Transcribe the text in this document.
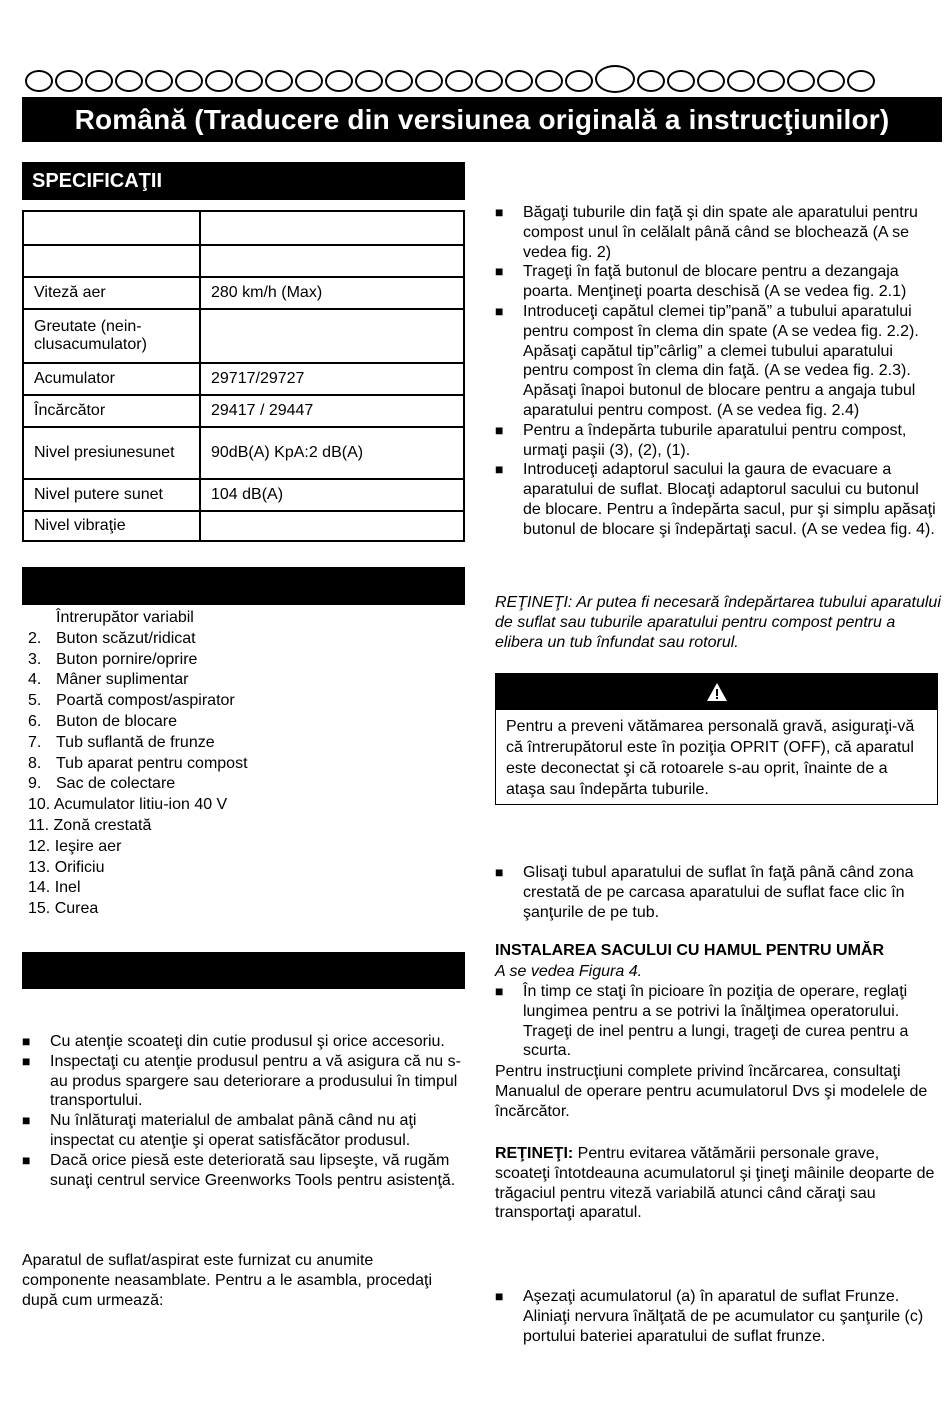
Română (Traducere din versiunea originală a instrucţiunilor)
SPECIFICAŢII

Viteză aer	280 km/h (Max)
Greutate (nein-clusacumulator)	
Acumulator	29717/29727
Încărcător	29417 / 29447
Nivel presiunesunet	90dB(A) KpA:2 dB(A)
Nivel putere sunet	104 dB(A)
Nivel vibraţie	
Întrerupător variabil
2. Buton scăzut/ridicat
3. Buton pornire/oprire
4. Mâner suplimentar
5. Poartă compost/aspirator
6. Buton de blocare
7. Tub suflantă de frunze
8. Tub aparat pentru compost
9. Sac de colectare
10. Acumulator litiu-ion 40 V
11. Zonă crestată
12. Ieşire aer
13. Orificiu
14. Inel
15. Curea
■ Cu atenţie scoateţi din cutie produsul şi orice accesoriu.
■ Inspectaţi cu atenţie produsul pentru a vă asigura că nu s-au produs spargere sau deteriorare a produsului în timpul transportului.
■ Nu înlăturaţi materialul de ambalat până când nu aţi inspectat cu atenţie şi operat satisfăcător produsul.
■ Dacă orice piesă este deteriorată sau lipseşte, vă rugăm sunaţi centrul service Greenworks Tools pentru asistenţă.
Aparatul de suflat/aspirat este furnizat cu anumite componente neasamblate. Pentru a le asambla, procedaţi după cum urmează:
■ Băgaţi tuburile din faţă şi din spate ale aparatului pentru compost unul în celălalt până când se blochează (A se vedea fig. 2)
■ Trageţi în faţă butonul de blocare pentru a dezangaja poarta. Menţineţi poarta deschisă (A se vedea fig. 2.1)
■ Introduceţi capătul clemei tip”pană” a tubului aparatului pentru compost în clema din spate (A se vedea fig. 2.2). Apăsaţi capătul tip”cârlig” a clemei tubului aparatului pentru compost în clema din faţă. (A se vedea fig. 2.3). Apăsaţi înapoi butonul de blocare pentru a angaja tubul aparatului pentru compost. (A se vedea fig. 2.4)
■ Pentru a îndepărta tuburile aparatului pentru compost, urmaţi paşii (3), (2), (1).
■ Introduceţi adaptorul sacului la gaura de evacuare a aparatului de suflat. Blocaţi adaptorul sacului cu butonul de blocare. Pentru a îndepărta sacul, pur şi simplu apăsaţi butonul de blocare şi îndepărtaţi sacul. (A se vedea fig. 4).
REŢINEŢI: Ar putea fi necesară îndepărtarea tubului aparatului de suflat sau tuburile aparatului pentru compost pentru a elibera un tub înfundat sau rotorul.
Pentru a preveni vătămarea personală gravă, asiguraţi-vă că întrerupătorul este în poziţia OPRIT (OFF), că aparatul este deconectat şi că rotoarele s-au oprit, înainte de a ataşa sau îndepărta tuburile.
■ Glisaţi tubul aparatului de suflat în faţă până când zona crestată de pe carcasa aparatului de suflat face clic în şanţurile de pe tub.
INSTALAREA SACULUI CU HAMUL PENTRU UMĂR
A se vedea Figura 4.
■ În timp ce staţi în picioare în poziţia de operare, reglaţi lungimea pentru a se potrivi la înălţimea operatorului. Trageţi de inel pentru a lungi, trageţi de curea pentru a scurta.
Pentru instrucţiuni complete privind încărcarea, consultaţi Manualul de operare pentru acumulatorul Dvs şi modelele de încărcător.
REŢINEŢI: Pentru evitarea vătămării personale grave, scoateţi întotdeauna acumulatorul şi ţineţi mâinile deoparte de trăgaciul pentru viteză variabilă atunci când căraţi sau transportaţi aparatul.
■ Aşezaţi acumulatorul (a) în aparatul de suflat Frunze. Aliniaţi nervura înălţată de pe acumulator cu şanţurile (c) portului bateriei aparatului de suflat frunze.
